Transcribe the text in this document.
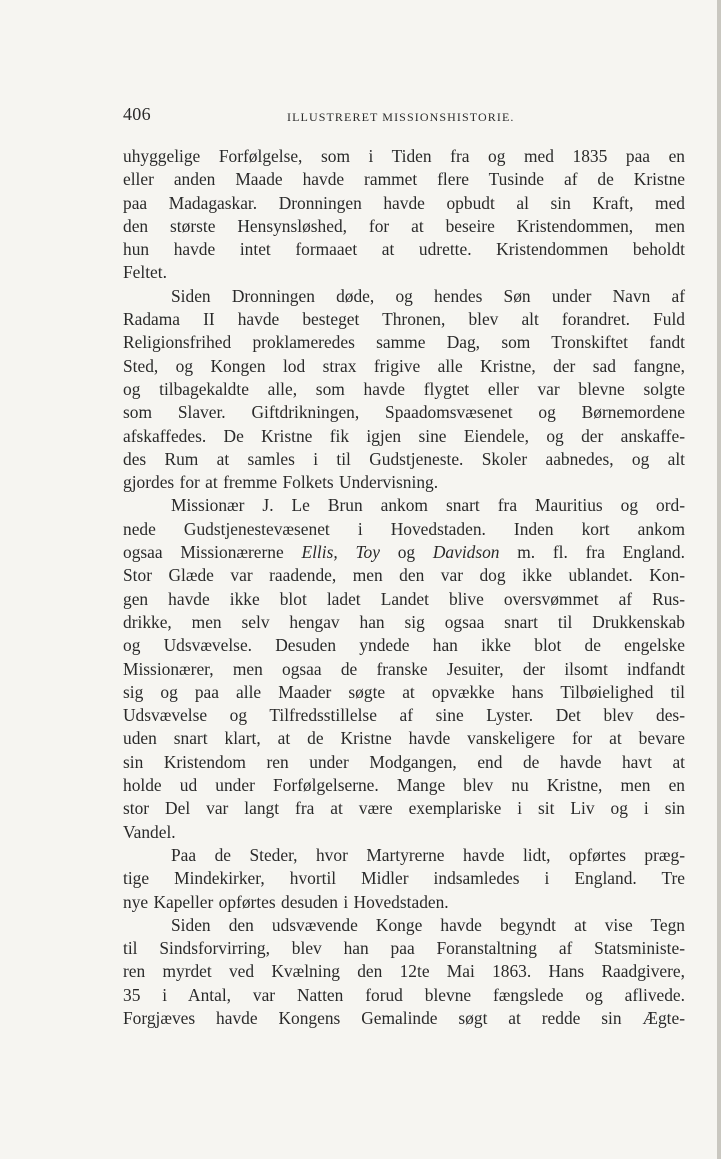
406	ILLUSTRERET MISSIONSHISTORIE.
uhyggelige Forfølgelse, som i Tiden fra og med 1835 paa en
eller anden Maade havde rammet flere Tusinde af de Kristne
paa Madagaskar. Dronningen havde opbudt al sin Kraft, med
den største Hensynsløshed, for at beseire Kristendommen, men
hun havde intet formaaet at udrette. Kristendommen beholdt
Feltet.
Siden Dronningen døde, og hendes Søn under Navn af
Radama II havde besteget Thronen, blev alt forandret. Fuld
Religionsfrihed proklameredes samme Dag, som Tronskiftet fandt
Sted, og Kongen lod strax frigive alle Kristne, der sad fangne,
og tilbagekaldte alle, som havde flygtet eller var blevne solgte
som Slaver. Giftdrikningen, Spaadomsvæsenet og Børnemordene
afskaffedes. De Kristne fik igjen sine Eiendele, og der anskaffe-
des Rum at samles i til Gudstjeneste. Skoler aabnedes, og alt
gjordes for at fremme Folkets Undervisning.
Missionær J. Le Brun ankom snart fra Mauritius og ord-
nede Gudstjenestevæsenet i Hovedstaden. Inden kort ankom
ogsaa Missionærerne Ellis, Toy og Davidson m. fl. fra England.
Stor Glæde var raadende, men den var dog ikke ublandet. Kon-
gen havde ikke blot ladet Landet blive oversvømmet af Rus-
drikke, men selv hengav han sig ogsaa snart til Drukkenskab
og Udsvævelse. Desuden yndede han ikke blot de engelske
Missionærer, men ogsaa de franske Jesuiter, der ilsomt indfandt
sig og paa alle Maader søgte at opvække hans Tilbøielighed til
Udsvævelse og Tilfredsstillelse af sine Lyster. Det blev des-
uden snart klart, at de Kristne havde vanskeligere for at bevare
sin Kristendom ren under Modgangen, end de havde havt at
holde ud under Forfølgelserne. Mange blev nu Kristne, men en
stor Del var langt fra at være exemplariske i sit Liv og i sin
Vandel.
Paa de Steder, hvor Martyrerne havde lidt, opførtes præg-
tige Mindekirker, hvortil Midler indsamledes i England. Tre
nye Kapeller opførtes desuden i Hovedstaden.
Siden den udsvævende Konge havde begyndt at vise Tegn
til Sindsforvirring, blev han paa Foranstaltning af Statsministe-
ren myrdet ved Kvælning den 12te Mai 1863. Hans Raadgivere,
35 i Antal, var Natten forud blevne fængslede og aflivede.
Forgjæves havde Kongens Gemalinde søgt at redde sin Ægte-
